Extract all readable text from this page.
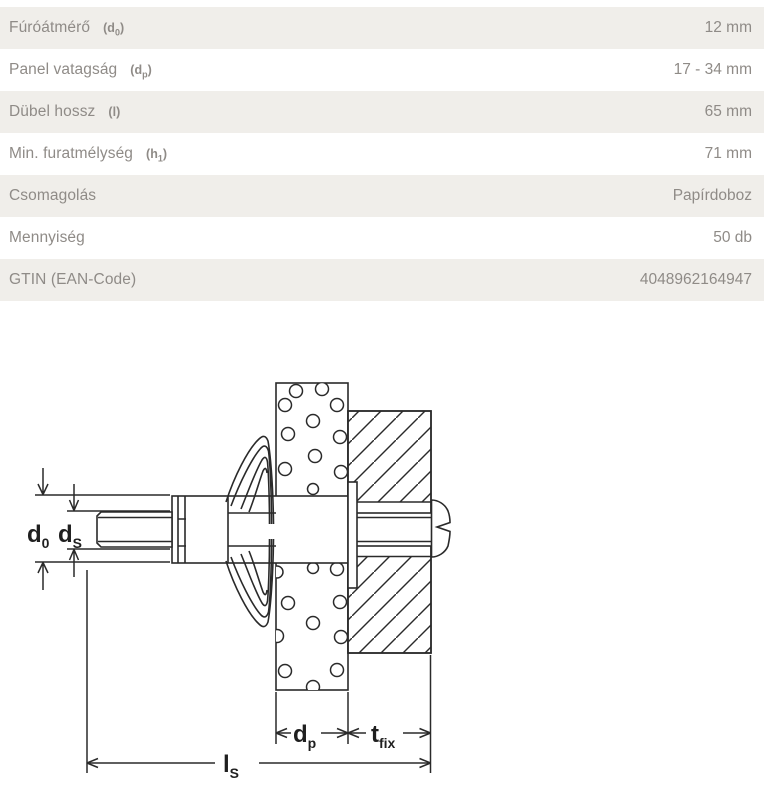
Fúróátmérő $(d_0)$	12 mm
Panel vatagság $(d_p)$	17 - 34 mm
Dübel hossz (l)	65 mm
Min. furatmélység $(h_1)$	71 mm
Csomagolás	Papírdoboz
Mennyiség	50 db
GTIN (EAN-Code)	4048962164947
$d_0$ $d_S$
$d_p$ $t_{fix}$
$l_S$
